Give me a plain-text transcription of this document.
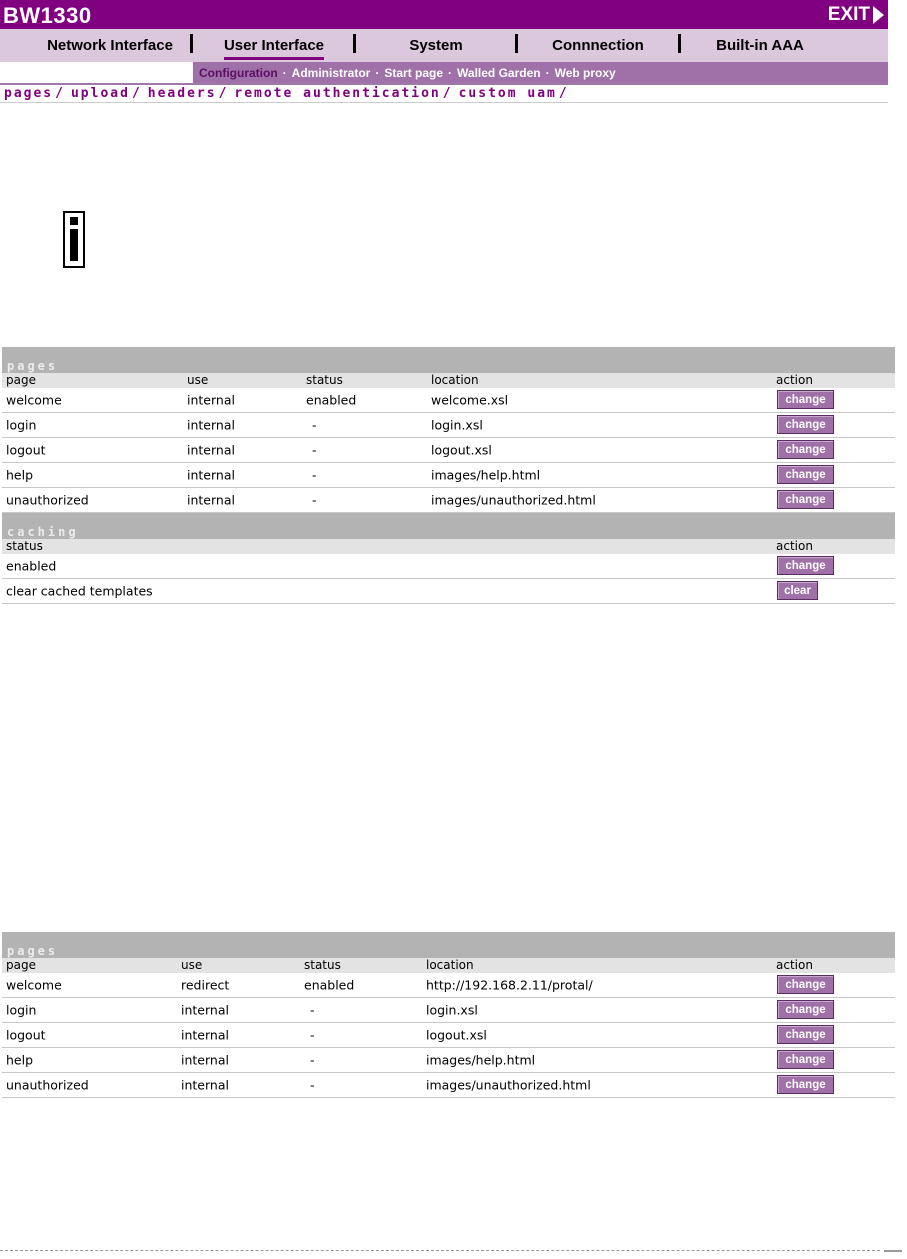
BW1330	EXIT
Network Interface	User Interface	System	Connnection	Built-in AAA
Configuration · Administrator · Start page · Walled Garden · Web proxy
pages / upload / headers / remote authentication / custom uam /
pages
page	use	status	location	action
welcome	internal	enabled	welcome.xsl	change
login	internal	-	login.xsl	change
logout	internal	-	logout.xsl	change
help	internal	-	images/help.html	change
unauthorized	internal	-	images/unauthorized.html	change
caching
status	action
enabled	change
clear cached templates	clear
pages
page	use	status	location	action
welcome	redirect	enabled	http://192.168.2.11/protal/	change
login	internal	-	login.xsl	change
logout	internal	-	logout.xsl	change
help	internal	-	images/help.html	change
unauthorized	internal	-	images/unauthorized.html	change
